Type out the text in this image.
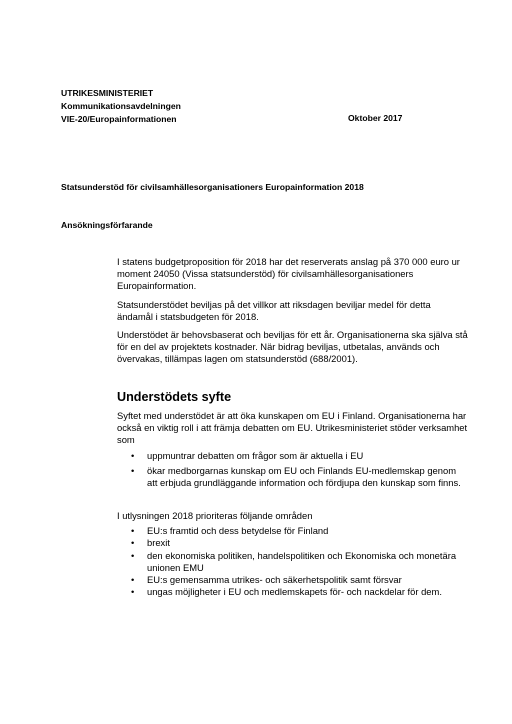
UTRIKESMINISTERIET
Kommunikationsavdelningen
VIE-20/Europainformationen	Oktober 2017
Statsunderstöd för civilsamhällesorganisationers Europainformation 2018
Ansökningsförfarande

I statens budgetproposition för 2018 har det reserverats anslag på 370 000 euro ur moment 24050 (Vissa statsunderstöd) för civilsamhällesorganisationers Europainformation.

Statsunderstödet beviljas på det villkor att riksdagen beviljar medel för detta ändamål i statsbudgeten för 2018.

Understödet är behovsbaserat och beviljas för ett år. Organisationerna ska själva stå för en del av projektets kostnader. När bidrag beviljas, utbetalas, används och övervakas, tillämpas lagen om statsunderstöd (688/2001).

Understödets syfte

Syftet med understödet är att öka kunskapen om EU i Finland. Organisationerna har också en viktig roll i att främja debatten om EU. Utrikesministeriet stöder verksamhet som

• uppmuntrar debatten om frågor som är aktuella i EU
• ökar medborgarnas kunskap om EU och Finlands EU-medlemskap genom att erbjuda grundläggande information och fördjupa den kunskap som finns.

I utlysningen 2018 prioriteras följande områden

• EU:s framtid och dess betydelse för Finland
• brexit
• den ekonomiska politiken, handelspolitiken och Ekonomiska och monetära unionen EMU
• EU:s gemensamma utrikes- och säkerhetspolitik samt försvar
• ungas möjligheter i EU och medlemskapets för- och nackdelar för dem.
